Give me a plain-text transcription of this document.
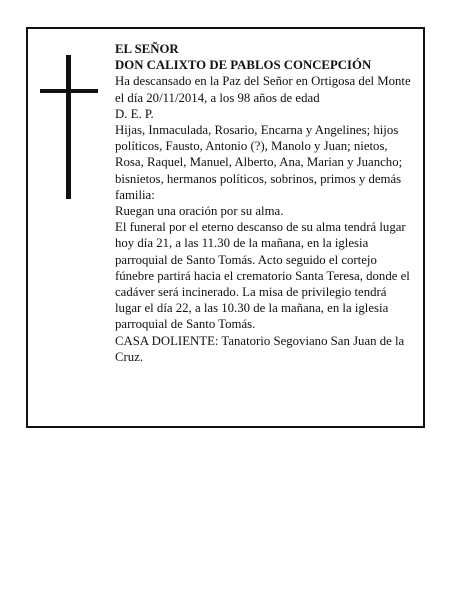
EL SEÑOR

DON CALIXTO DE PABLOS CONCEPCIÓN

Ha descansado en la Paz del Señor en Ortigosa del Monte el día 20/11/2014, a los 98 años de edad

D. E. P.

Hijas, Inmaculada, Rosario, Encarna y Angelines; hijos políticos, Fausto, Antonio (?), Manolo y Juan; nietos, Rosa, Raquel, Manuel, Alberto, Ana, Marian y Juancho; bisnietos, hermanos políticos, sobrinos, primos y demás familia:

Ruegan una oración por su alma.

El funeral por el eterno descanso de su alma tendrá lugar hoy día 21, a las 11.30 de la mañana, en la iglesia parroquial de Santo Tomás. Acto seguido el cortejo fúnebre partirá hacia el crematorio Santa Teresa, donde el cadáver será incinerado. La misa de privilegio tendrá lugar el día 22, a las 10.30 de la mañana, en la iglesia parroquial de Santo Tomás.

CASA DOLIENTE: Tanatorio Segoviano San Juan de la Cruz.
